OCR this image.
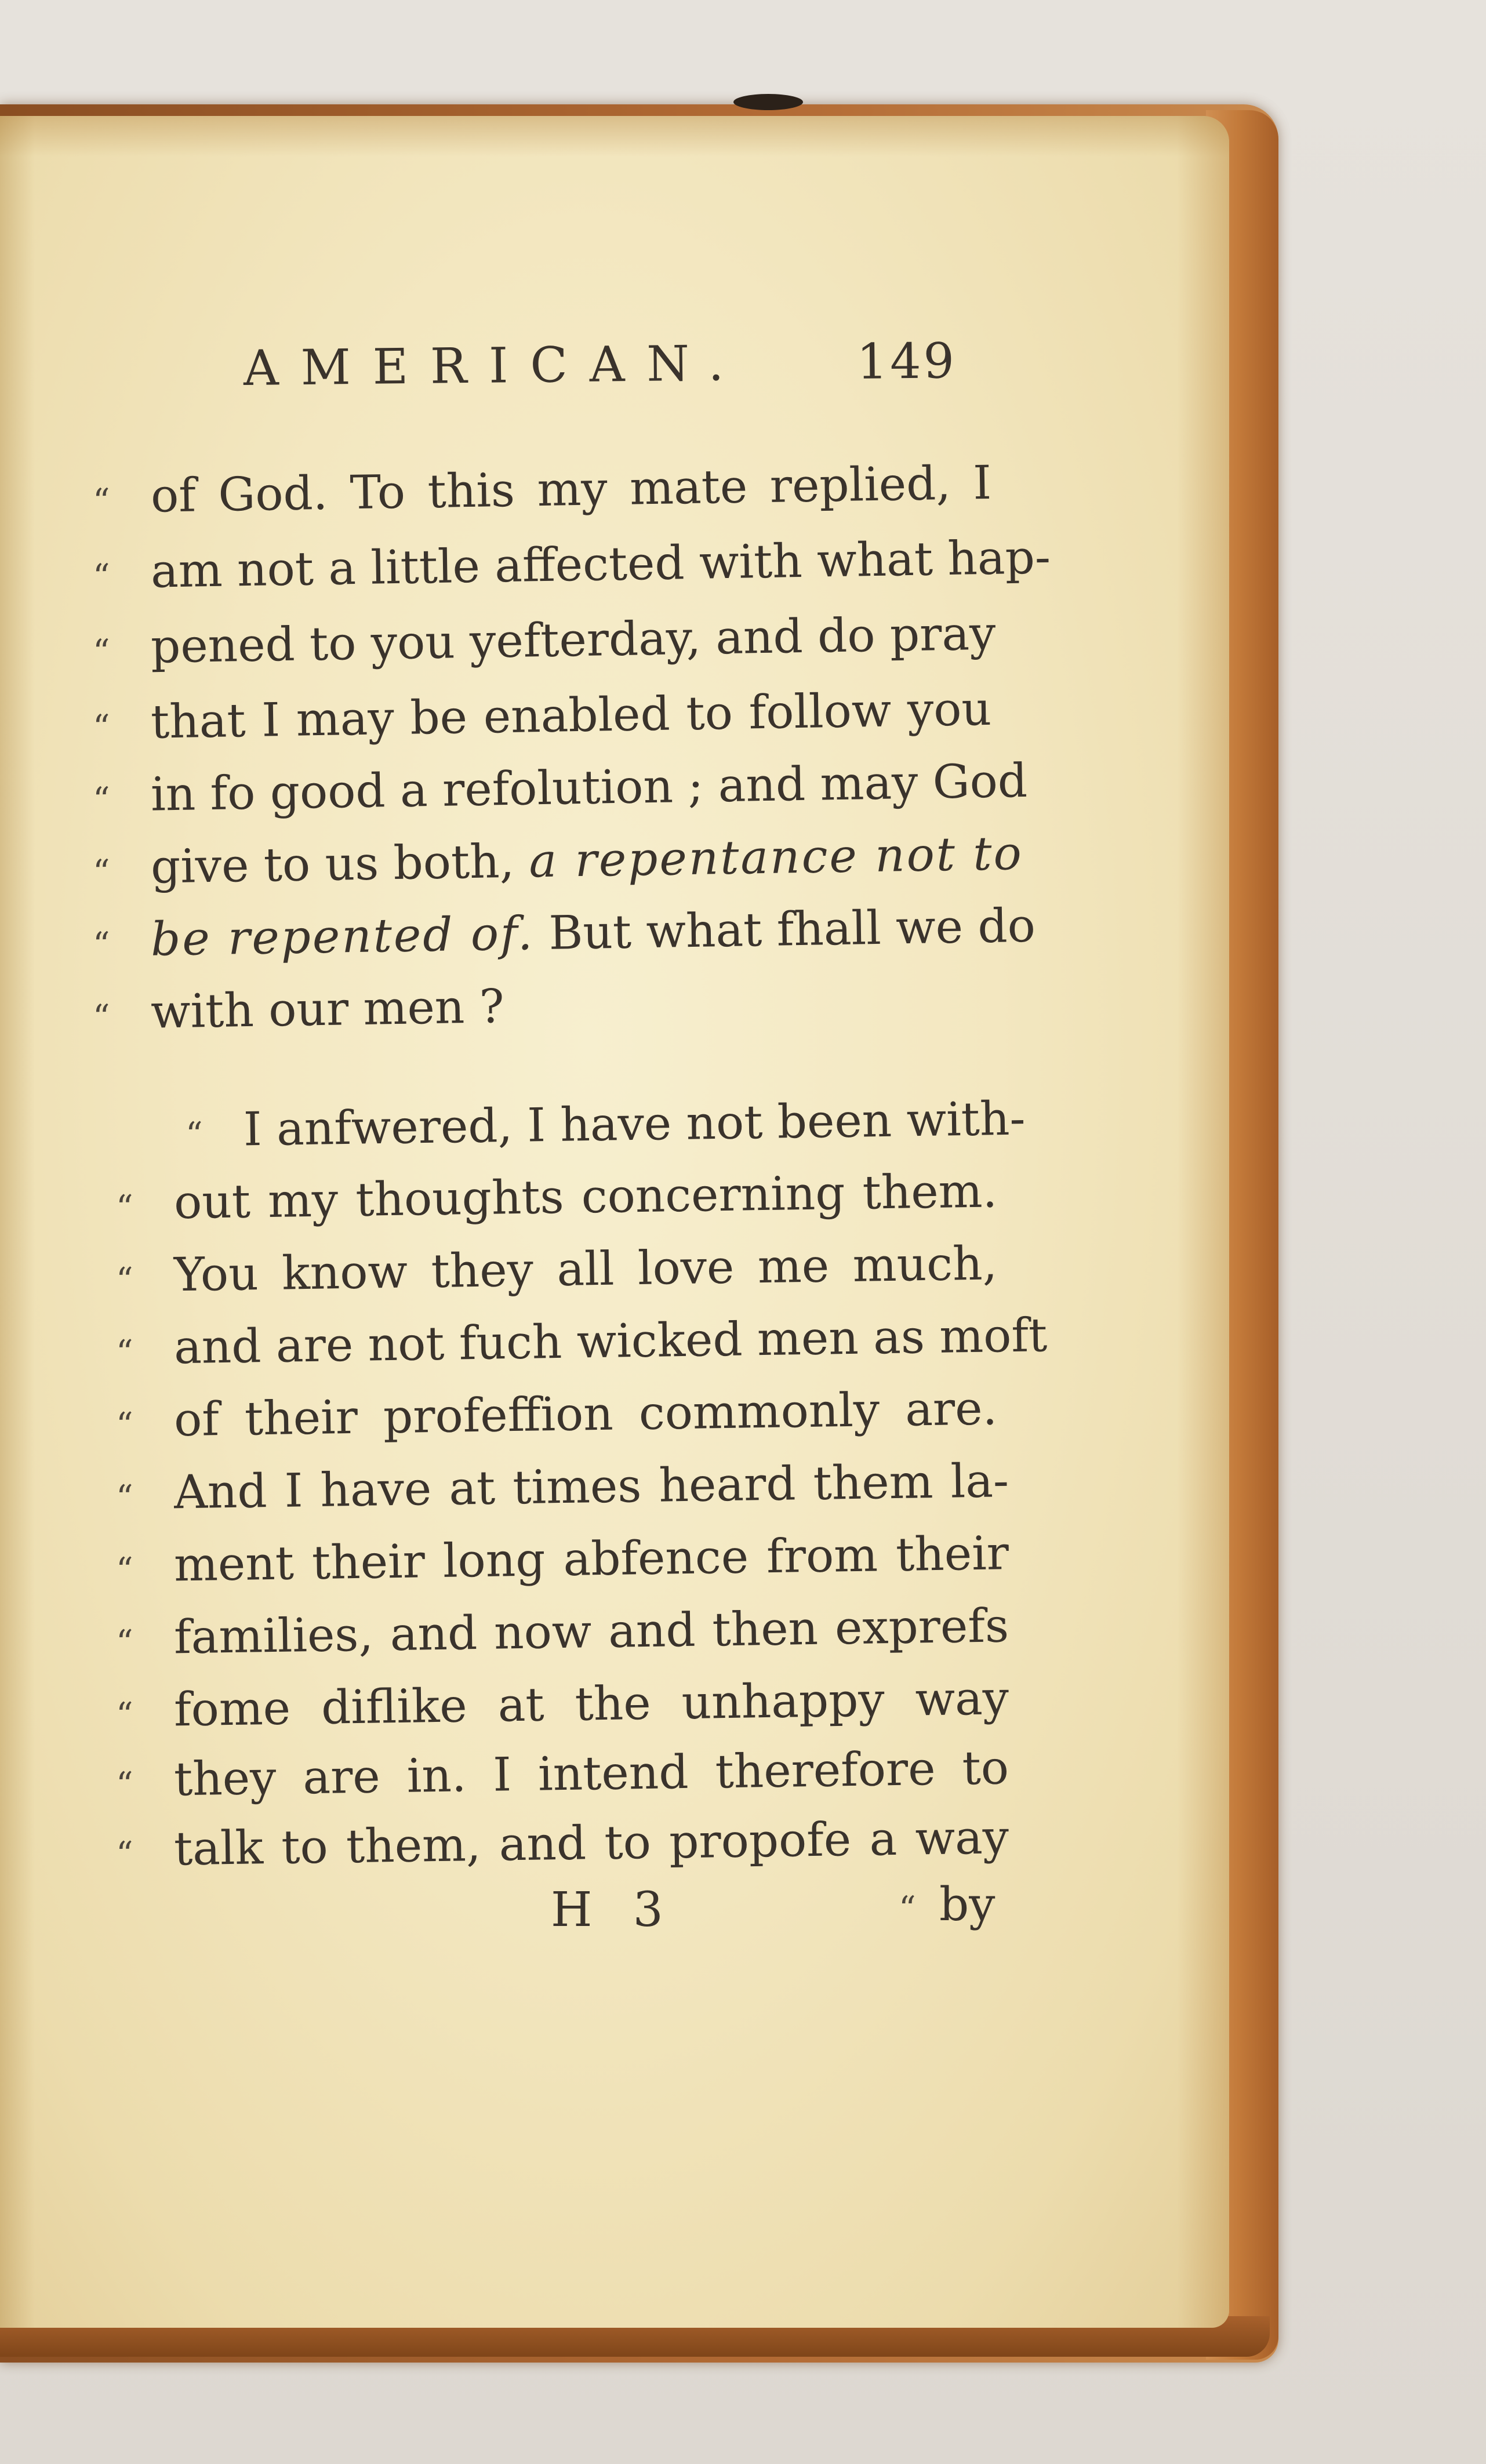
AMERICAN. 149
“ of God. To this my mate replied, I
“ am not a little affected with what hap-
“ pened to you yefterday, and do pray
“ that I may be enabled to follow you
“ in fo good a refolution ; and may God
“ give to us both, a repentance not to
“ be repented of. But what fhall we do
“ with our men ?
“ I anfwered, I have not been with-
“ out my thoughts concerning them.
“ You know they all love me much,
“ and are not fuch wicked men as moft
“ of their profeffion commonly are.
“ And I have at times heard them la-
“ ment their long abfence from their
“ families, and now and then exprefs
“ fome diflike at the unhappy way
“ they are in. I intend therefore to
“ talk to them, and to propofe a way
H 3	“ by
